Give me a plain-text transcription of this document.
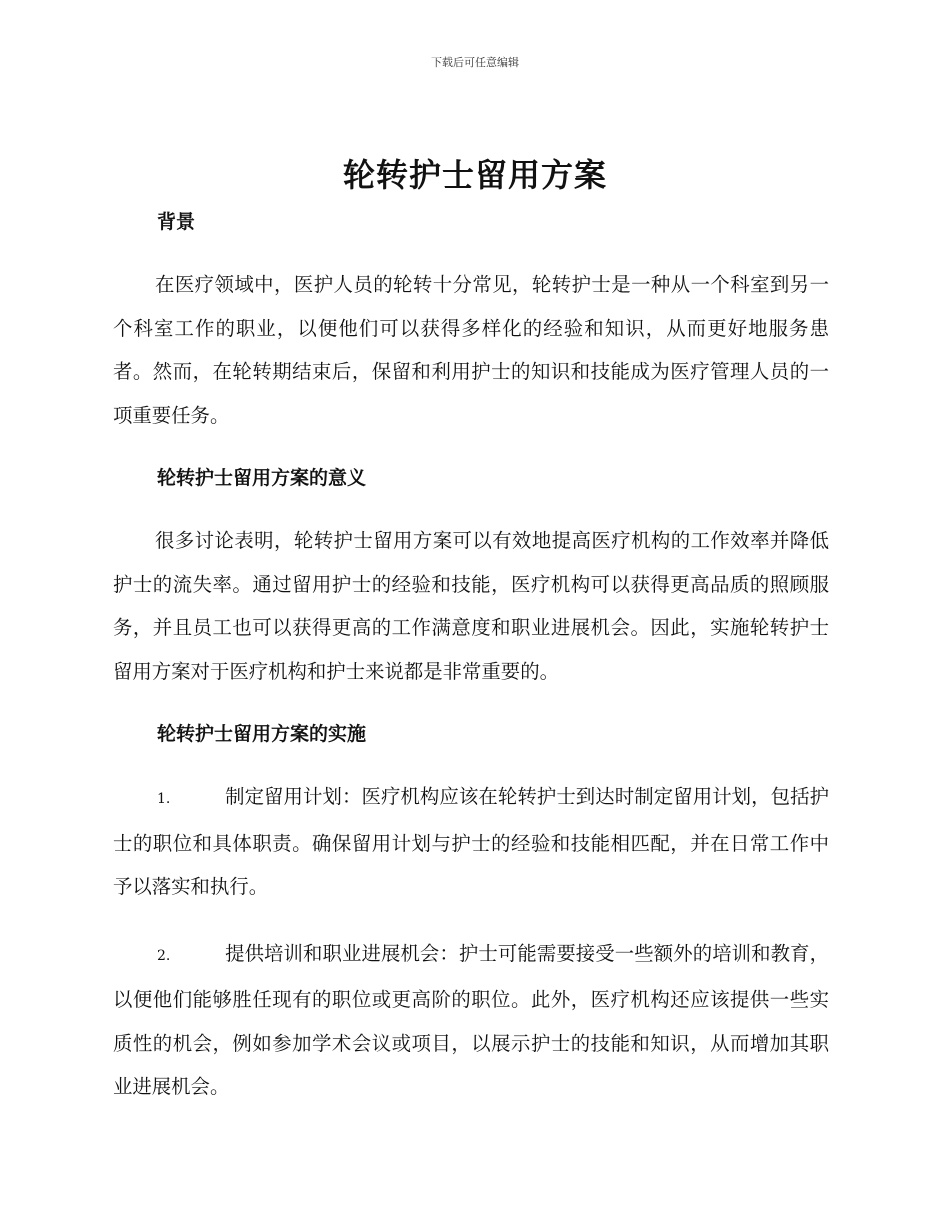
下载后可任意编辑
轮转护士留用方案
背景

在医疗领域中，医护人员的轮转十分常见，轮转护士是一种从一个科室到另一个科室工作的职业，以便他们可以获得多样化的经验和知识，从而更好地服务患者。然而，在轮转期结束后，保留和利用护士的知识和技能成为医疗管理人员的一项重要任务。

轮转护士留用方案的意义

很多讨论表明，轮转护士留用方案可以有效地提高医疗机构的工作效率并降低护士的流失率。通过留用护士的经验和技能，医疗机构可以获得更高品质的照顾服务，并且员工也可以获得更高的工作满意度和职业进展机会。因此，实施轮转护士留用方案对于医疗机构和护士来说都是非常重要的。

轮转护士留用方案的实施

1.	制定留用计划：医疗机构应该在轮转护士到达时制定留用计划，包括护士的职位和具体职责。确保留用计划与护士的经验和技能相匹配，并在日常工作中予以落实和执行。

2.	提供培训和职业进展机会：护士可能需要接受一些额外的培训和教育，以便他们能够胜任现有的职位或更高阶的职位。此外，医疗机构还应该提供一些实质性的机会，例如参加学术会议或项目，以展示护士的技能和知识，从而增加其职业进展机会。
